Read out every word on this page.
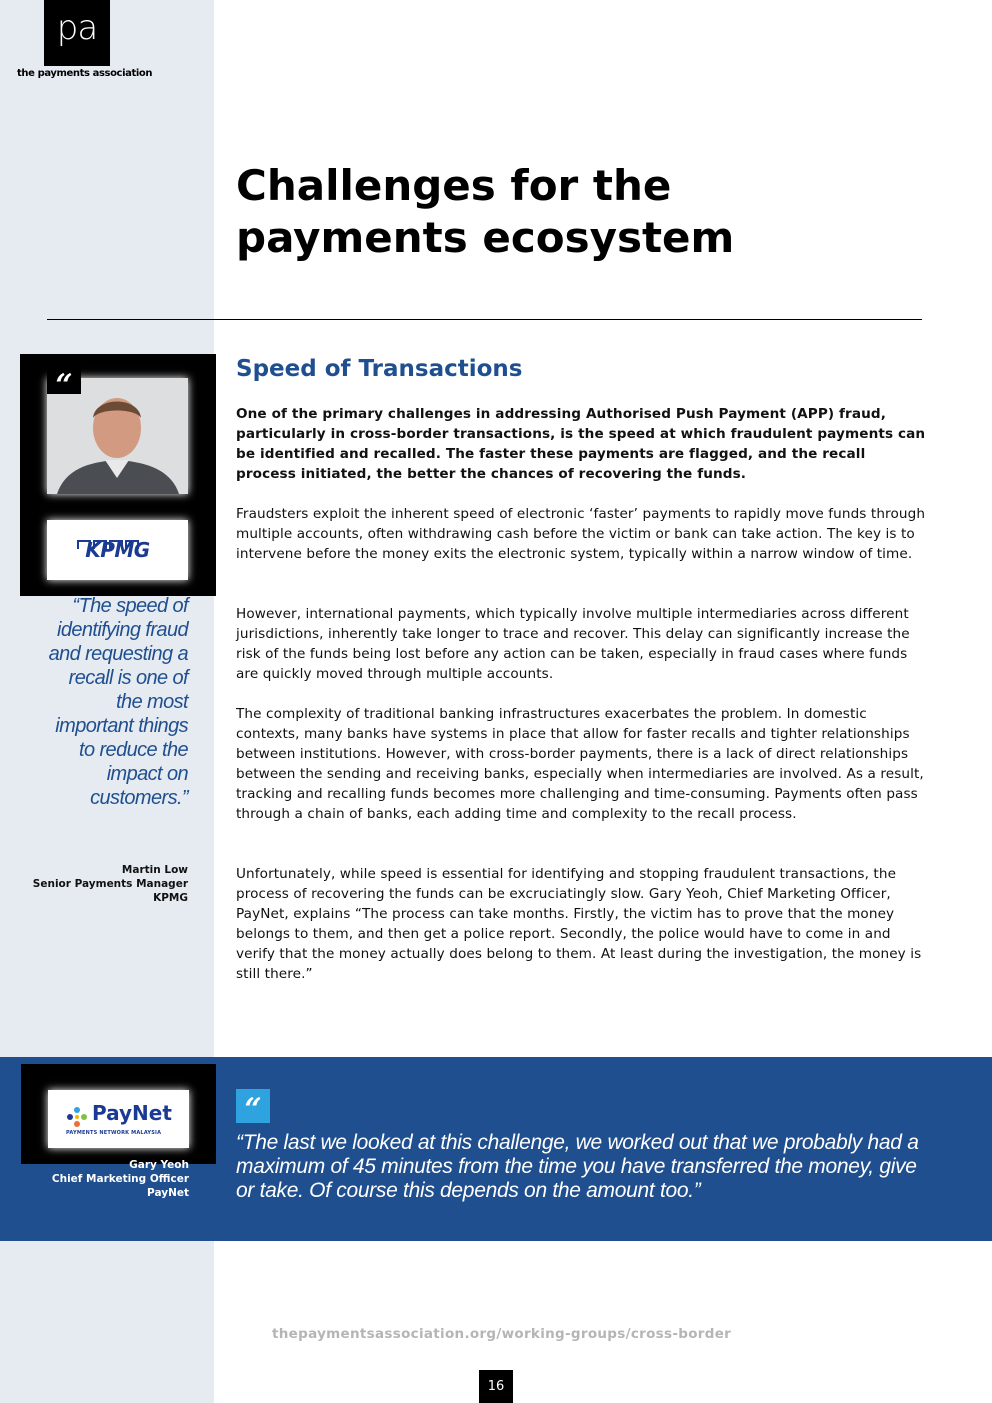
pa
the payments association
Challenges for the payments ecosystem
“
KPMG

“The speed of identifying fraud and requesting a recall is one of the most important things to reduce the impact on customers.”

Martin Low
Senior Payments Manager
KPMG
Speed of Transactions

One of the primary challenges in addressing Authorised Push Payment (APP) fraud, particularly in cross-border transactions, is the speed at which fraudulent payments can be identified and recalled. The faster these payments are flagged, and the recall process initiated, the better the chances of recovering the funds.

Fraudsters exploit the inherent speed of electronic ‘faster’ payments to rapidly move funds through multiple accounts, often withdrawing cash before the victim or bank can take action. The key is to intervene before the money exits the electronic system, typically within a narrow window of time.

However, international payments, which typically involve multiple intermediaries across different jurisdictions, inherently take longer to trace and recover. This delay can significantly increase the risk of the funds being lost before any action can be taken, especially in fraud cases where funds are quickly moved through multiple accounts.

The complexity of traditional banking infrastructures exacerbates the problem. In domestic contexts, many banks have systems in place that allow for faster recalls and tighter relationships between institutions. However, with cross-border payments, there is a lack of direct relationships between the sending and receiving banks, especially when intermediaries are involved. As a result, tracking and recalling funds becomes more challenging and time-consuming. Payments often pass through a chain of banks, each adding time and complexity to the recall process.

Unfortunately, while speed is essential for identifying and stopping fraudulent transactions, the process of recovering the funds can be excruciatingly slow. Gary Yeoh, Chief Marketing Officer, PayNet, explains “The process can take months. Firstly, the victim has to prove that the money belongs to them, and then get a police report. Secondly, the police would have to come in and verify that the money actually does belong to them. At least during the investigation, the money is still there.”

PayNet
PAYMENTS NETWORK MALAYSIA
Gary Yeoh
Chief Marketing Officer
PayNet
“

“The last we looked at this challenge, we worked out that we probably had a maximum of 45 minutes from the time you have transferred the money, give or take. Of course this depends on the amount too.”

thepaymentsassociation.org/working-groups/cross-border
16
